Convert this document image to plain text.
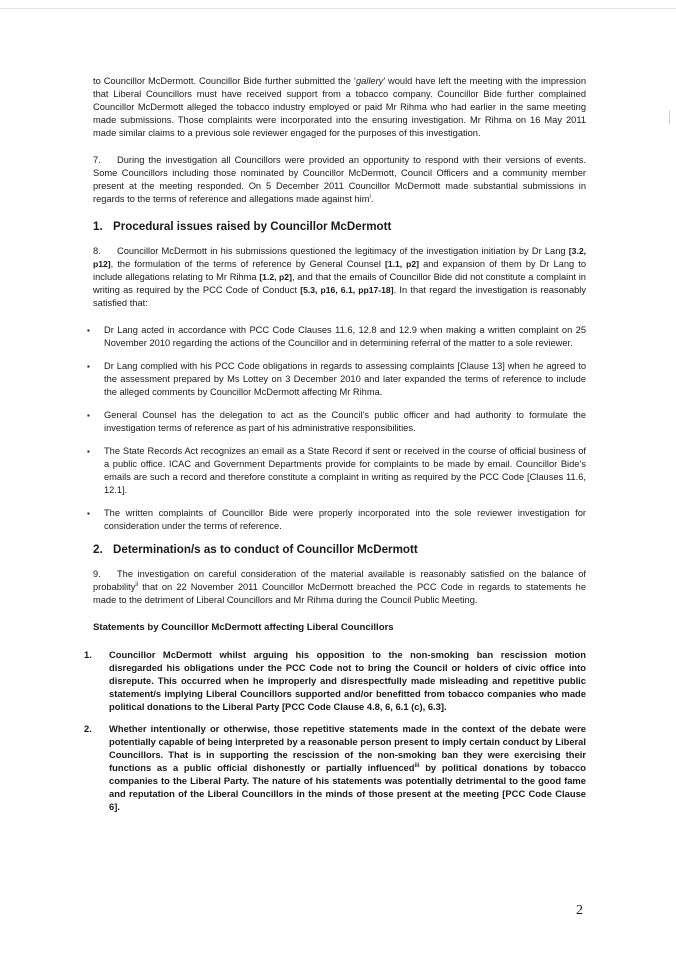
to Councillor McDermott. Councillor Bide further submitted the ‘gallery’ would have left the meeting with the impression that Liberal Councillors must have received support from a tobacco company. Councillor Bide further complained Councillor McDermott alleged the tobacco industry employed or paid Mr Rihma who had earlier in the same meeting made submissions. Those complaints were incorporated into the ensuring investigation. Mr Rihma on 16 May 2011 made similar claims to a previous sole reviewer engaged for the purposes of this investigation.

7. During the investigation all Councillors were provided an opportunity to respond with their versions of events. Some Councillors including those nominated by Councillor McDermott, Council Officers and a community member present at the meeting responded. On 5 December 2011 Councillor McDermott made substantial submissions in regards to the terms of reference and allegations made against him$^i$.

1. Procedural issues raised by Councillor McDermott

8. Councillor McDermott in his submissions questioned the legitimacy of the investigation initiation by Dr Lang [3.2, p12], the formulation of the terms of reference by General Counsel [1.1, p2] and expansion of them by Dr Lang to include allegations relating to Mr Rihma [1.2, p2], and that the emails of Councillor Bide did not constitute a complaint in writing as required by the PCC Code of Conduct [5.3, p16, 6.1, pp17-18]. In that regard the investigation is reasonably satisfied that:

▪	Dr Lang acted in accordance with PCC Code Clauses 11.6, 12.8 and 12.9 when making a written complaint on 25 November 2010 regarding the actions of the Councillor and in determining referral of the matter to a sole reviewer.
▪	Dr Lang complied with his PCC Code obligations in regards to assessing complaints [Clause 13] when he agreed to the assessment prepared by Ms Lottey on 3 December 2010 and later expanded the terms of reference to include the alleged comments by Councillor McDermott affecting Mr Rihma.
▪	General Counsel has the delegation to act as the Council’s public officer and had authority to formulate the investigation terms of reference as part of his administrative responsibilities.
▪	The State Records Act recognizes an email as a State Record if sent or received in the course of official business of a public office. ICAC and Government Departments provide for complaints to be made by email. Councillor Bide’s emails are such a record and therefore constitute a complaint in writing as required by the PCC Code [Clauses 11.6, 12.1].
▪	The written complaints of Councillor Bide were properly incorporated into the sole reviewer investigation for consideration under the terms of reference.
2. Determination/s as to conduct of Councillor McDermott

9. The investigation on careful consideration of the material available is reasonably satisfied on the balance of probability$^{ii}$ that on 22 November 2011 Councillor McDermott breached the PCC Code in regards to statements he made to the detriment of Liberal Councillors and Mr Rihma during the Council Public Meeting.

Statements by Councillor McDermott affecting Liberal Councillors
1. Councillor McDermott whilst arguing his opposition to the non-smoking ban rescission motion disregarded his obligations under the PCC Code not to bring the Council or holders of civic office into disrepute. This occurred when he improperly and disrespectfully made misleading and repetitive public statement/s implying Liberal Councillors supported and/or benefitted from tobacco companies who made political donations to the Liberal Party [PCC Code Clause 4.8, 6, 6.1 (c), 6.3].
2. Whether intentionally or otherwise, those repetitive statements made in the context of the debate were potentially capable of being interpreted by a reasonable person present to imply certain conduct by Liberal Councillors. That is in supporting the rescission of the non-smoking ban they were exercising their functions as a public official dishonestly or partially influenced$^{iii}$ by political donations by tobacco companies to the Liberal Party. The nature of his statements was potentially detrimental to the good fame and reputation of the Liberal Councillors in the minds of those present at the meeting [PCC Code Clause 6].
2
